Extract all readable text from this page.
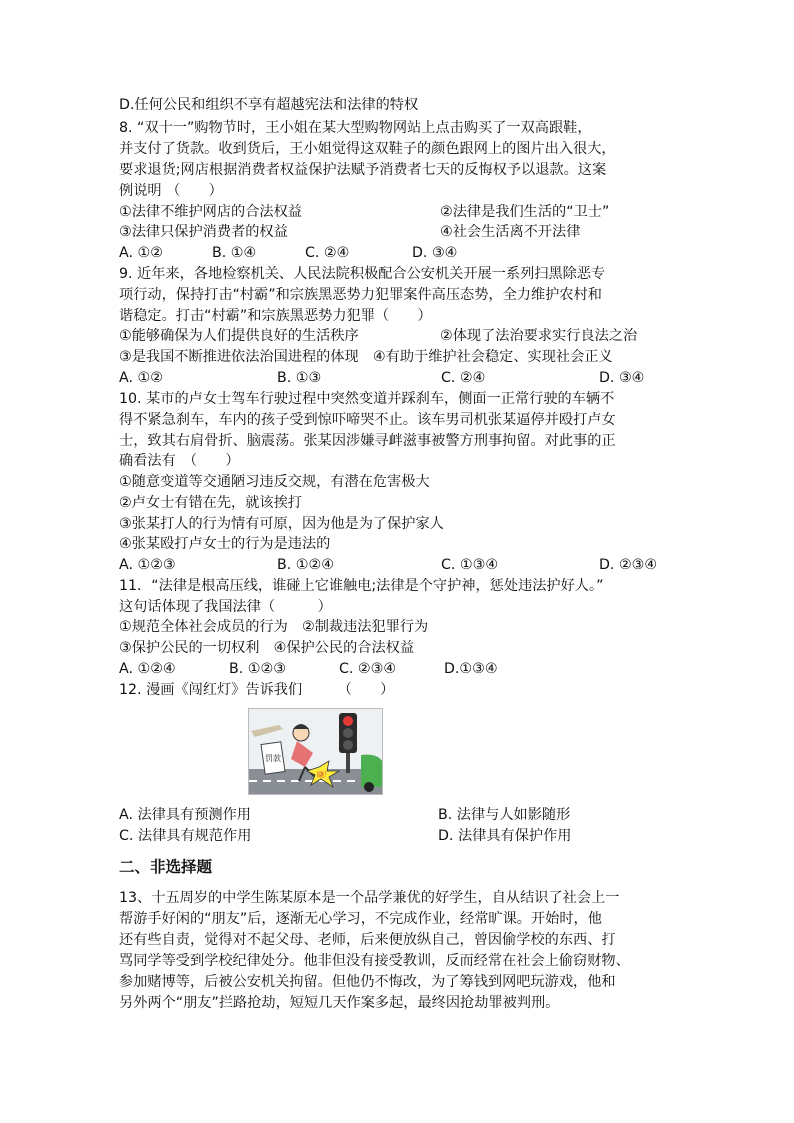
D.任何公民和组织不享有超越宪法和法律的特权
8. “双十一”购物节时，王小姐在某大型购物网站上点击购买了一双高跟鞋，
并支付了货款。收到货后，王小姐觉得这双鞋子的颜色跟网上的图片出入很大，
要求退货;网店根据消费者权益保护法赋予消费者七天的反悔权予以退款。这案
例说明 （　　）
①法律不维护网店的合法权益	②法律是我们生活的“卫士”
③法律只保护消费者的权益	④社会生活离不开法律
A. ①②	B. ①④	C. ②④	D. ③④
9. 近年来，各地检察机关、人民法院积极配合公安机关开展一系列扫黑除恶专
项行动，保持打击“村霸”和宗族黑恶势力犯罪案件高压态势，全力维护农村和
谐稳定。打击“村霸”和宗族黑恶势力犯罪（　　）
①能够确保为人们提供良好的生活秩序	②体现了法治要求实行良法之治
③是我国不断推进依法治国进程的体现　④有助于维护社会稳定、实现社会正义
A. ①②	B. ①③	C. ②④	D. ③④
10. 某市的卢女士驾车行驶过程中突然变道并踩刹车，侧面一正常行驶的车辆不
得不紧急刹车，车内的孩子受到惊吓啼哭不止。该车男司机张某逼停并殴打卢女
士，致其右肩骨折、脑震荡。张某因涉嫌寻衅滋事被警方刑事拘留。对此事的正
确看法有　（　　）
①随意变道等交通陋习违反交规，有潜在危害极大
②卢女士有错在先，就该挨打
③张某打人的行为情有可原，因为他是为了保护家人
④张某殴打卢女士的行为是违法的
A. ①②③	B. ①②④	C. ①③④	D. ②③④
11．“法律是根高压线，谁碰上它谁触电;法律是个守护神，惩处违法护好人。”
这句话体现了我国法律（　　　）
①规范全体社会成员的行为　②制裁违法犯罪行为
③保护公民的一切权利　④保护公民的合法权益
A. ①②④	B. ①②③	C. ②③④	D.①③④
12. 漫画《闯红灯》告诉我们　　　（　　）
罚款
晓！
A. 法律具有预测作用	B. 法律与人如影随形
C. 法律具有规范作用	D. 法律具有保护作用
二、非选择题
13、十五周岁的中学生陈某原本是一个品学兼优的好学生，自从结识了社会上一
帮游手好闲的“朋友”后，逐渐无心学习，不完成作业，经常旷课。开始时，他
还有些自责，觉得对不起父母、老师，后来便放纵自己，曾因偷学校的东西、打
骂同学等受到学校纪律处分。他非但没有接受教训，反而经常在社会上偷窃财物、
参加赌博等，后被公安机关拘留。但他仍不悔改，为了筹钱到网吧玩游戏，他和
另外两个“朋友”拦路抢劫，短短几天作案多起，最终因抢劫罪被判刑。
